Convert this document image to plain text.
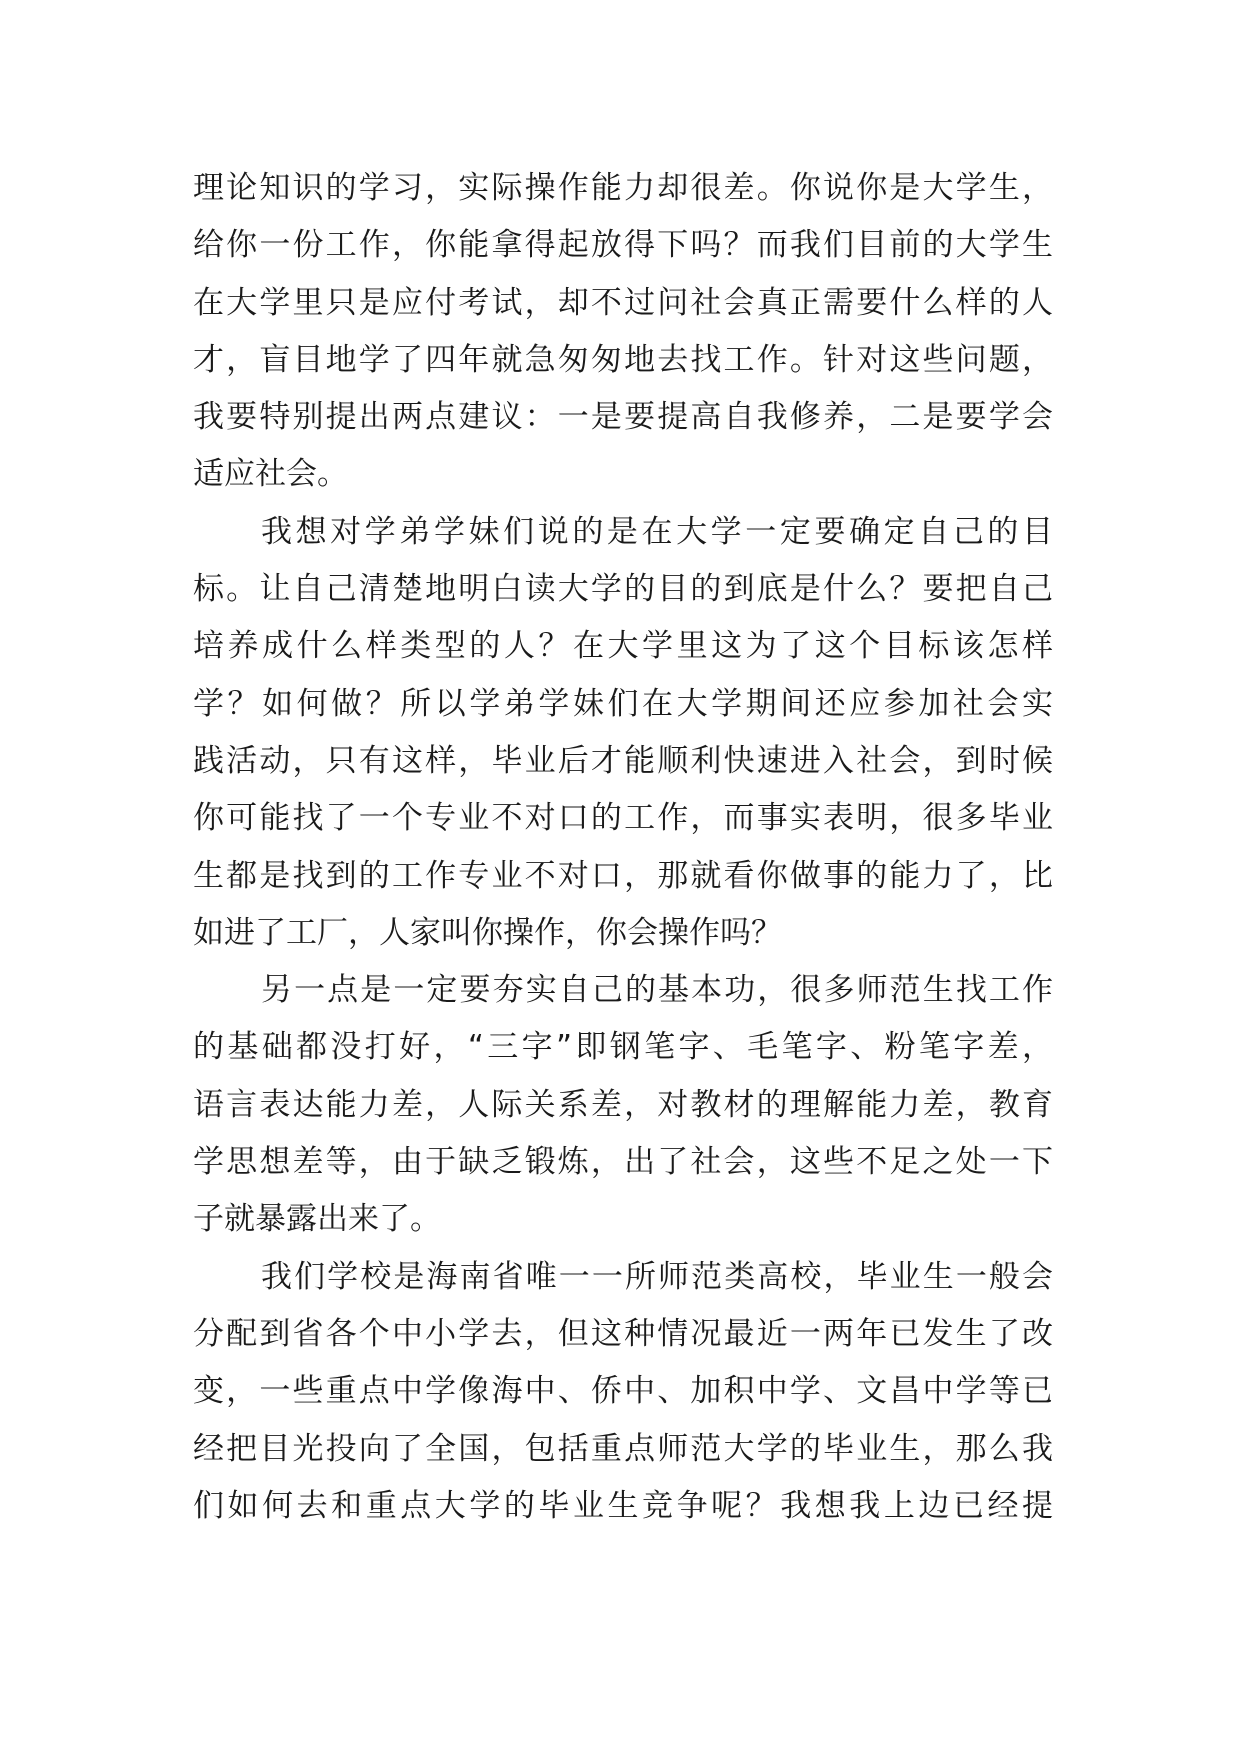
理论知识的学习，实际操作能力却很差。你说你是大学生，
给你一份工作，你能拿得起放得下吗？而我们目前的大学生
在大学里只是应付考试，却不过问社会真正需要什么样的人
才，盲目地学了四年就急匆匆地去找工作。针对这些问题，
我要特别提出两点建议：一是要提高自我修养，二是要学会
适应社会。
我想对学弟学妹们说的是在大学一定要确定自己的目
标。让自己清楚地明白读大学的目的到底是什么？要把自己
培养成什么样类型的人？在大学里这为了这个目标该怎样
学？如何做？所以学弟学妹们在大学期间还应参加社会实
践活动，只有这样，毕业后才能顺利快速进入社会，到时候
你可能找了一个专业不对口的工作，而事实表明，很多毕业
生都是找到的工作专业不对口，那就看你做事的能力了，比
如进了工厂，人家叫你操作，你会操作吗？
另一点是一定要夯实自己的基本功，很多师范生找工作
的基础都没打好，“三字”即钢笔字、毛笔字、粉笔字差，
语言表达能力差，人际关系差，对教材的理解能力差，教育
学思想差等，由于缺乏锻炼，出了社会，这些不足之处一下
子就暴露出来了。
我们学校是海南省唯一一所师范类高校，毕业生一般会
分配到省各个中小学去，但这种情况最近一两年已发生了改
变，一些重点中学像海中、侨中、加积中学、文昌中学等已
经把目光投向了全国，包括重点师范大学的毕业生，那么我
们如何去和重点大学的毕业生竞争呢？我想我上边已经提
